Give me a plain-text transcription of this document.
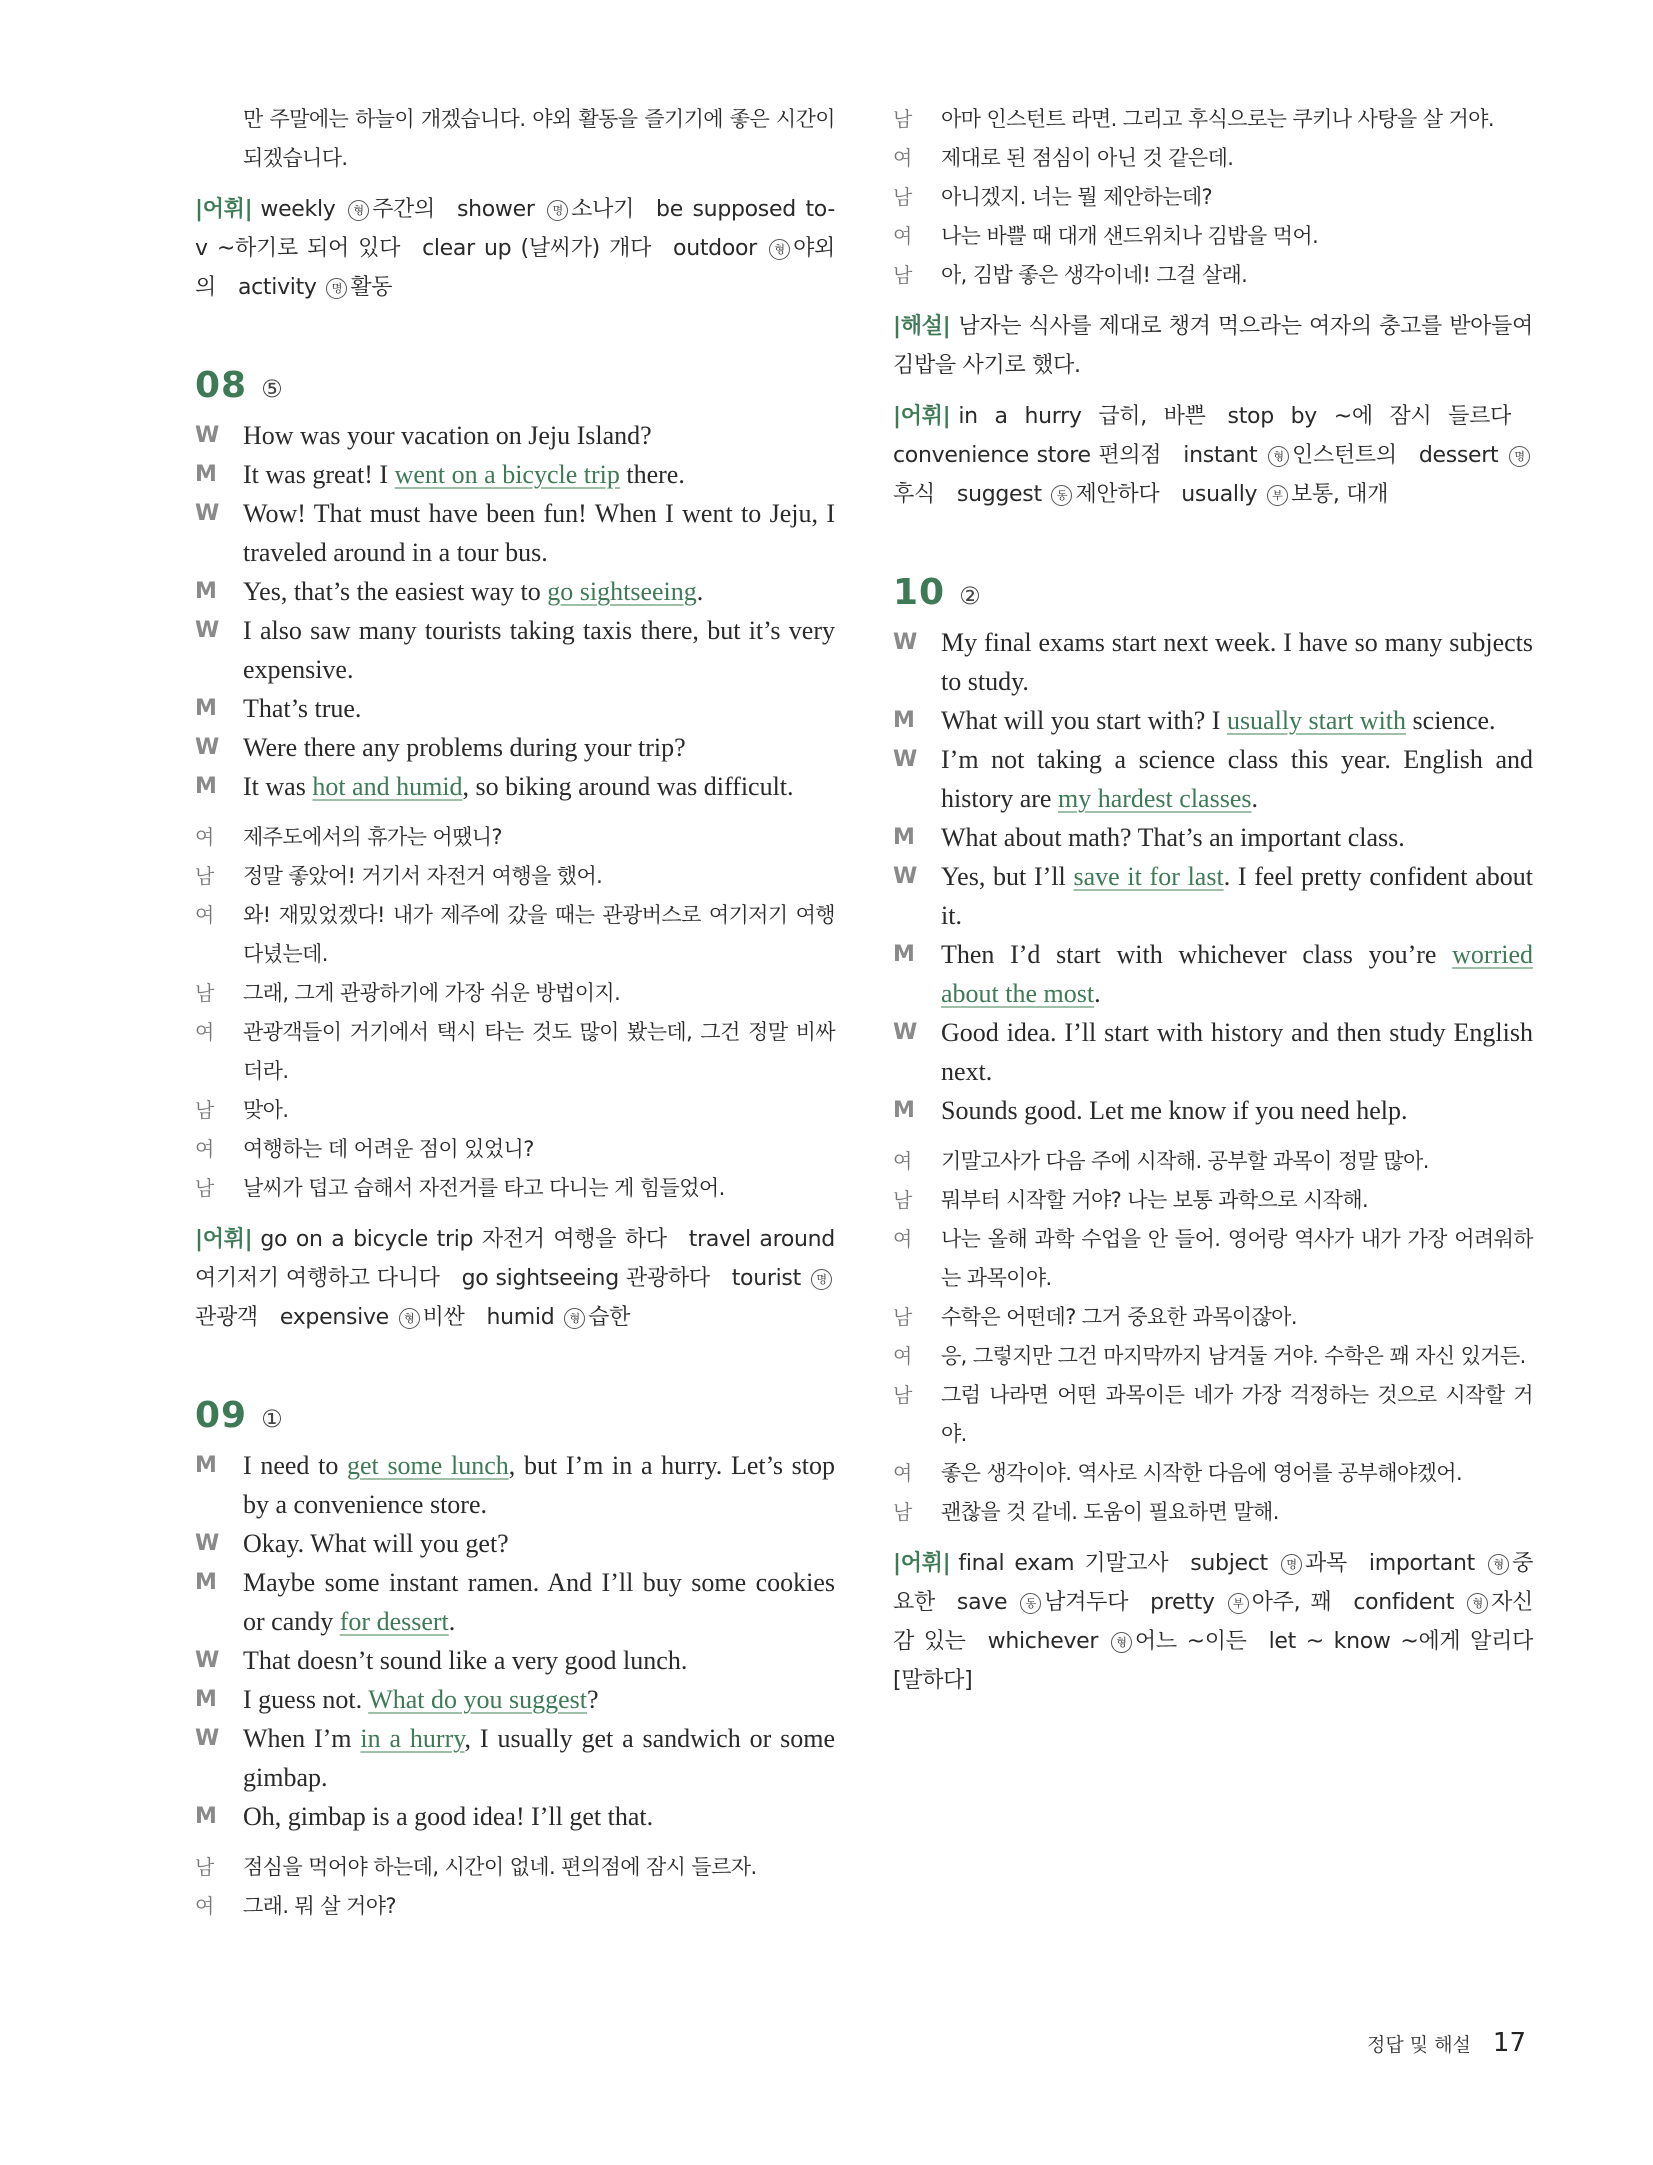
만 주말에는 하늘이 개겠습니다. 야외 활동을 즐기기에 좋은 시간이 되겠습니다.
|어휘| weekly 형 주간의 shower 명 소나기 be supposed to-v ~하기로 되어 있다 clear up (날씨가) 개다 outdoor 형 야외의 activity 명 활동
08 ⑤
W How was your vacation on Jeju Island?
M	It was great! I went on a bicycle trip there.
W Wow! That must have been fun! When I went to Jeju, I traveled around in a tour bus.
M	Yes, that’s the easiest way to go sightseeing.
W I also saw many tourists taking taxis there, but it’s very expensive.
M	That’s true.
W Were there any problems during your trip?
M	It was hot and humid, so biking around was difficult.
여	제주도에서의 휴가는 어땠니?
남	정말 좋았어! 거기서 자전거 여행을 했어.
여	와! 재밌었겠다! 내가 제주에 갔을 때는 관광버스로 여기저기 여행 다녔는데.
남	그래, 그게 관광하기에 가장 쉬운 방법이지.
여	관광객들이 거기에서 택시 타는 것도 많이 봤는데, 그건 정말 비싸더라.
남	맞아.
여	여행하는 데 어려운 점이 있었니?
남	날씨가 덥고 습해서 자전거를 타고 다니는 게 힘들었어.
|어휘| go on a bicycle trip 자전거 여행을 하다 travel around 여기저기 여행하고 다니다 go sightseeing 관광하다 tourist 명관광객 expensive 형 비싼 humid 형 습한
09 ①
M	I need to get some lunch, but I’m in a hurry. Let’s stop by a convenience store.
W Okay. What will you get?
M	Maybe some instant ramen. And I’ll buy some cookies or candy for dessert.
W That doesn’t sound like a very good lunch.
M	I guess not. What do you suggest?
W When I’m in a hurry, I usually get a sandwich or some gimbap.
M	Oh, gimbap is a good idea! I’ll get that.
남	점심을 먹어야 하는데, 시간이 없네. 편의점에 잠시 들르자.
여	그래. 뭐 살 거야?
남	아마 인스턴트 라면. 그리고 후식으로는 쿠키나 사탕을 살 거야.
여	제대로 된 점심이 아닌 것 같은데.
남	아니겠지. 너는 뭘 제안하는데?
여	나는 바쁠 때 대개 샌드위치나 김밥을 먹어.
남	아, 김밥 좋은 생각이네! 그걸 살래.
|해설| 남자는 식사를 제대로 챙겨 먹으라는 여자의 충고를 받아들여 김밥을 사기로 했다.
|어휘| in a hurry 급히, 바쁜 stop by ~에 잠시 들르다convenience store 편의점 instant 형 인스턴트의 dessert 명후식 suggest 동 제안하다 usually 부 보통, 대개
10 ②
W My final exams start next week. I have so many subjects to study.
M	What will you start with? I usually start with science.
W I’m not taking a science class this year. English and history are my hardest classes.
M	What about math? That’s an important class.
W Yes, but I’ll save it for last. I feel pretty confident about it.
M	Then I’d start with whichever class you’re worried about the most.
W Good idea. I’ll start with history and then study English next.
M	Sounds good. Let me know if you need help.
여	기말고사가 다음 주에 시작해. 공부할 과목이 정말 많아.
남	뭐부터 시작할 거야? 나는 보통 과학으로 시작해.
여	나는 올해 과학 수업을 안 들어. 영어랑 역사가 내가 가장 어려워하는 과목이야.
남	수학은 어떤데? 그거 중요한 과목이잖아.
여	응, 그렇지만 그건 마지막까지 남겨둘 거야. 수학은 꽤 자신 있거든.
남	그럼 나라면 어떤 과목이든 네가 가장 걱정하는 것으로 시작할 거야.
여	좋은 생각이야. 역사로 시작한 다음에 영어를 공부해야겠어.
남	괜찮을 것 같네. 도움이 필요하면 말해.
|어휘| final exam 기말고사 subject 명 과목 important 형 중요한 save 동 남겨두다 pretty 부 아주, 꽤 confident 형 자신감 있는 whichever 형 어느 ~이든 let ~ know ~에게 알리다[말하다]
정답 및 해설 17
